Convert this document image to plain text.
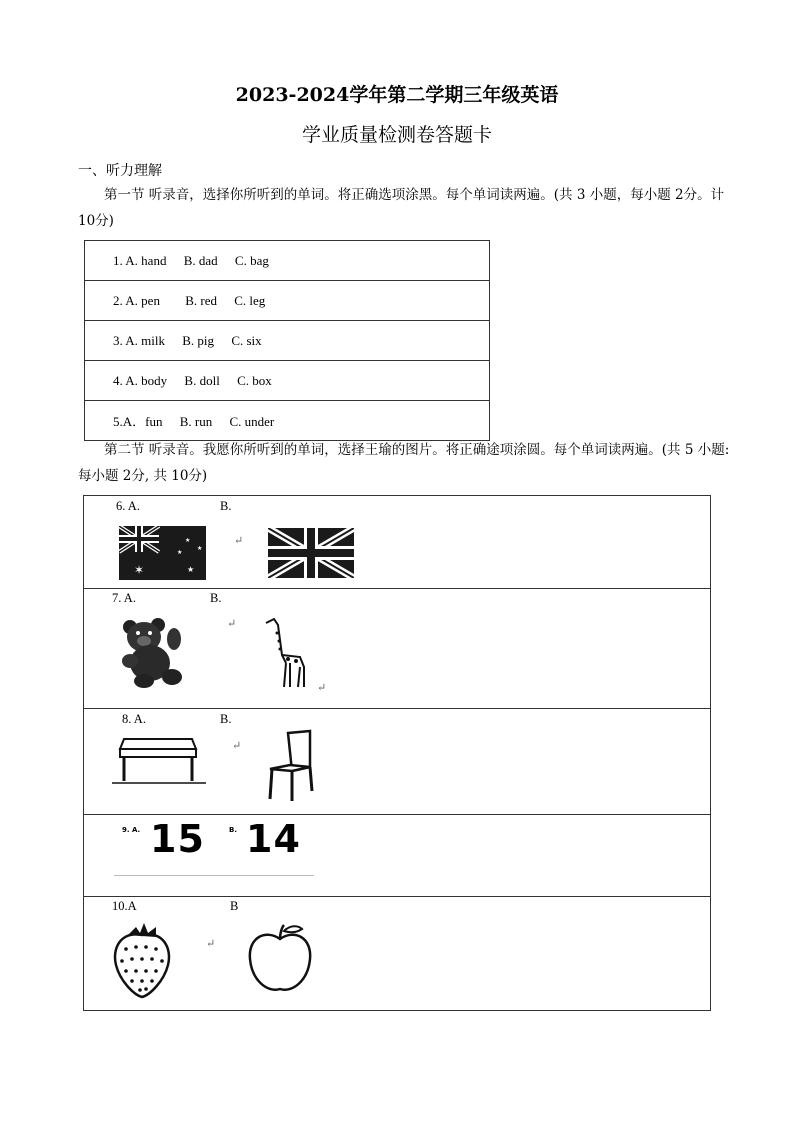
2023-2024学年第二学期三年级英语
学业质量检测卷答题卡
一、听力理解
第一节 听录音，选择你所听到的单词。将正确选项涂黑。每个单词读两遍。(共 3 小题，每小题 2分。计 10分)
1. A. hand B. dad C. bag
2. A. pen B. red C. leg
3. A. milk B. pig C. six
4. A. body B. doll C. box
5.A．fun B. run C. under
第二节 听录音。我愿你所听到的单词，选择王瑜的图片。将正确途项涂圆。每个单词读两遍。(共 5 小题: 每小题 2分, 共 10分)
6. A.	B.
✶
★
★
★
★
↵
7. A.	B.
↵
↵
8. A.	B.
↵
9. A. 15	B. 14
10.A	B
↵
